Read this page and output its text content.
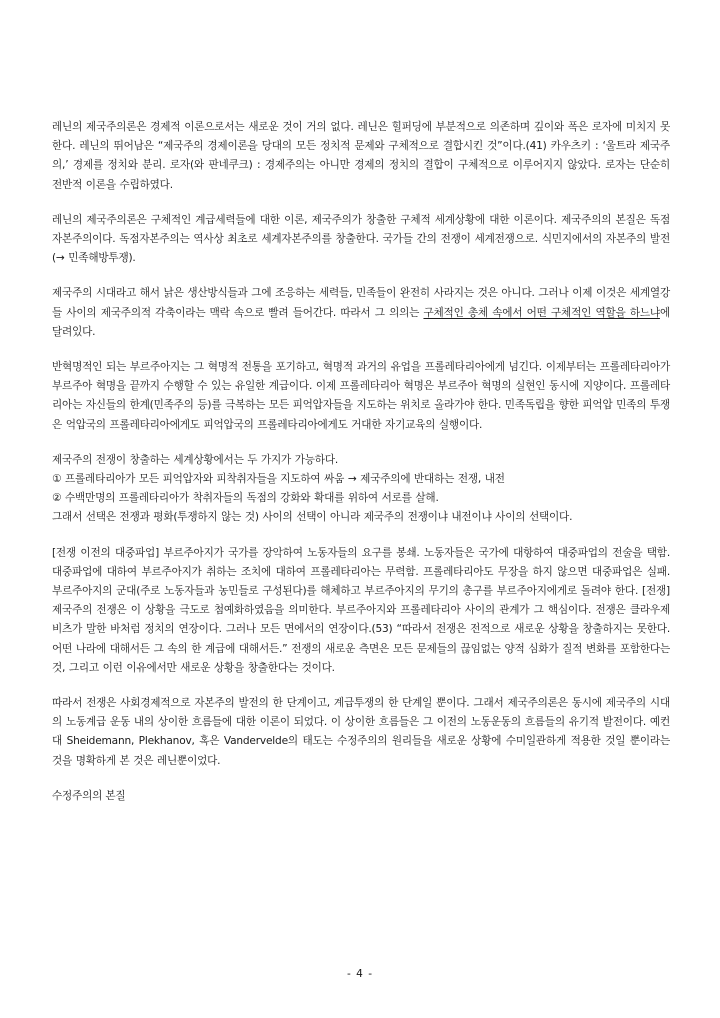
레닌의 제국주의론은 경제적 이론으로서는 새로운 것이 거의 없다. 레닌은 힐퍼딩에 부분적으로 의존하며 깊이와 폭은 로자에 미치지 못한다. 레닌의 뛰어남은 “제국주의 경제이론을 당대의 모든 정치적 문제와 구체적으로 결합시킨 것”이다.(41) 카우츠키 : ‘울트라 제국주의,’ 경제를 정치와 분리. 로자(와 판네쿠크) : 경제주의는 아니만 경제의 정치의 결합이 구체적으로 이루어지지 않았다. 로자는 단순히 전반적 이론을 수립하였다.

레닌의 제국주의론은 구체적인 계급세력들에 대한 이론, 제국주의가 창출한 구체적 세계상황에 대한 이론이다. 제국주의의 본질은 독점자본주의이다. 독점자본주의는 역사상 최초로 세계자본주의를 창출한다. 국가들 간의 전쟁이 세계전쟁으로. 식민지에서의 자본주의 발전(→ 민족해방투쟁).

제국주의 시대라고 해서 낡은 생산방식들과 그에 조응하는 세력들, 민족들이 완전히 사라지는 것은 아니다. 그러나 이제 이것은 세계열강들 사이의 제국주의적 각축이라는 맥락 속으로 빨려 들어간다. 따라서 그 의의는 구체적인 총체 속에서 어떤 구체적인 역할을 하느냐에 달려있다.

반혁명적인 되는 부르주아지는 그 혁명적 전통을 포기하고, 혁명적 과거의 유업을 프롤레타리아에게 넘긴다. 이제부터는 프롤레타리아가 부르주아 혁명을 끝까지 수행할 수 있는 유일한 계급이다. 이제 프롤레타리아 혁명은 부르주아 혁명의 실현인 동시에 지양이다. 프롤레타리아는 자신들의 한계(민족주의 등)를 극복하는 모든 피억압자들을 지도하는 위치로 올라가야 한다. 민족독립을 향한 피억압 민족의 투쟁은 억압국의 프롤레타리아에게도 피억압국의 프롤레타리아에게도 거대한 자기교육의 실행이다.

제국주의 전쟁이 창출하는 세계상황에서는 두 가지가 가능하다.
① 프롤레타리아가 모든 피억압자와 피착취자들을 지도하여 싸움 → 제국주의에 반대하는 전쟁, 내전
② 수백만명의 프롤레타리아가 착취자들의 독점의 강화와 확대를 위하여 서로를 살해.
그래서 선택은 전쟁과 평화(투쟁하지 않는 것) 사이의 선택이 아니라 제국주의 전쟁이냐 내전이냐 사이의 선택이다.

[전쟁 이전의 대중파업] 부르주아지가 국가를 장악하여 노동자들의 요구를 봉쇄. 노동자들은 국가에 대항하여 대중파업의 전술을 택함. 대중파업에 대하여 부르주아지가 취하는 조치에 대하여 프롤레타리아는 무력함. 프롤레타리아도 무장을 하지 않으면 대중파업은 실패. 부르주아지의 군대(주로 노동자들과 농민들로 구성된다)를 해체하고 부르주아지의 무기의 총구를 부르주아지에게로 돌려야 한다. [전쟁] 제국주의 전쟁은 이 상황을 극도로 첨예화하였음을 의미한다. 부르주아지와 프롤레타리아 사이의 관계가 그 핵심이다. 전쟁은 클라우제비츠가 말한 바처럼 정치의 연장이다. 그러나 모든 면에서의 연장이다.(53) “따라서 전쟁은 전적으로 새로운 상황을 창출하지는 못한다. 어떤 나라에 대해서든 그 속의 한 계급에 대해서든.” 전쟁의 새로운 측면은 모든 문제들의 끊임없는 양적 심화가 질적 변화를 포함한다는 것, 그리고 이런 이유에서만 새로운 상황을 창출한다는 것이다.

따라서 전쟁은 사회경제적으로 자본주의 발전의 한 단계이고, 계급투쟁의 한 단계일 뿐이다. 그래서 제국주의론은 동시에 제국주의 시대의 노동계급 운동 내의 상이한 흐름들에 대한 이론이 되었다. 이 상이한 흐름들은 그 이전의 노동운동의 흐름들의 유기적 발전이다. 예컨대 Sheidemann, Plekhanov, 혹은 Vandervelde의 태도는 수정주의의 원리들을 새로운 상황에 수미일관하게 적용한 것일 뿐이라는 것을 명확하게 본 것은 레닌뿐이었다.

수정주의의 본질
- 4 -
